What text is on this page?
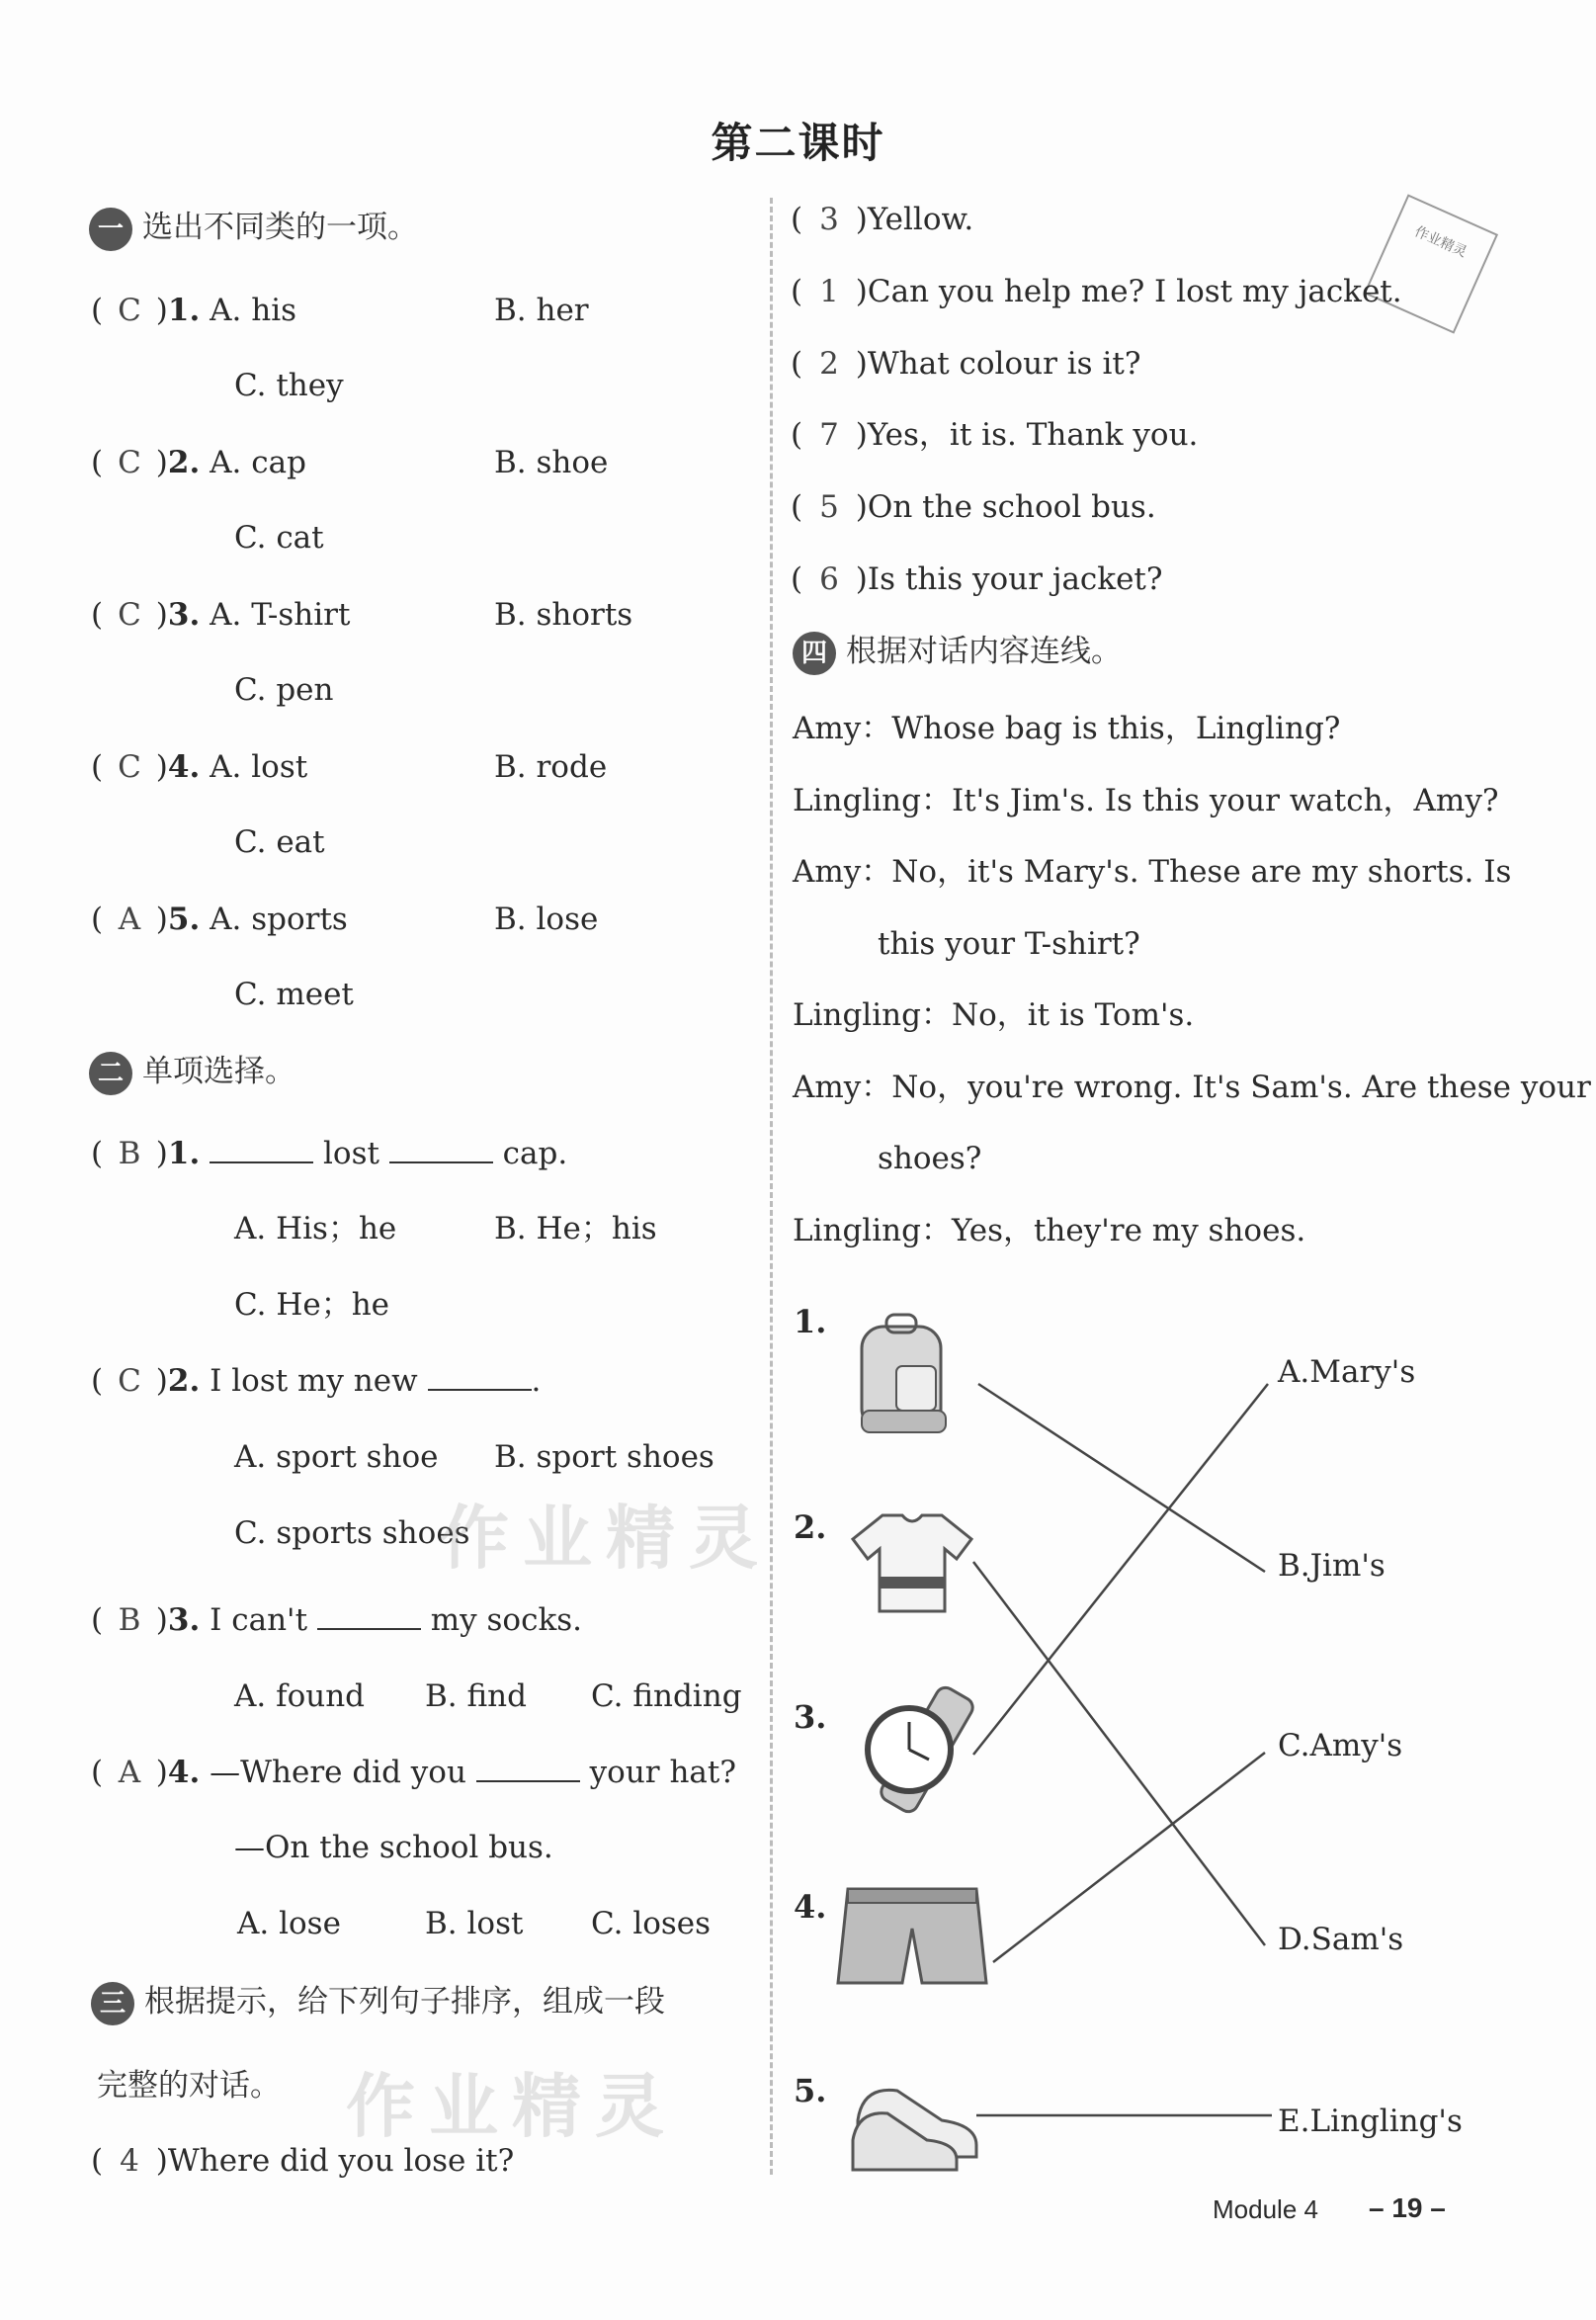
第二课时
作业精灵
一 选出不同类的一项。
( C )1. A. his	B. her
C. they
( C )2. A. cap	B. shoe
C. cat
( C )3. A. T-shirt	B. shorts
C. pen
( C )4. A. lost	B. rode
C. eat
( A )5. A. sports	B. lose
C. meet
二 单项选择。
( B )1.	lost	cap.
A. His；he	B. He；his
C. He；he
( C )2. I lost my new	.
A. sport shoe B. sport shoes
C. sports shoes
( B )3. I can't	my socks.
A. found B. find C. finding
( A )4. —Where did you	your hat?
—On the school bus.
A. lose	B. lost C. loses
三 根据提示，给下列句子排序，组成一段
完整的对话。
( 4 )Where did you lose it?
( 3 )Yellow.
( 1 )Can you help me? I lost my jacket.
( 2 )What colour is it?
( 7 )Yes，it is. Thank you.
( 5 )On the school bus.
( 6 )Is this your jacket?
四 根据对话内容连线。
Amy：Whose bag is this，Lingling?
Lingling：It's Jim's. Is this your watch，Amy?
Amy：No，it's Mary's. These are my shorts. Is
this your T-shirt?
Lingling：No，it is Tom's.
Amy：No，you're wrong. It's Sam's. Are these your
shoes?
Lingling：Yes，they're my shoes.
1.
2.
3.
4.
5.
A.Mary's
B.Jim's
C.Amy's
D.Sam's
E.Lingling's
作业精灵
作业精灵
Module 4 – 19 –
